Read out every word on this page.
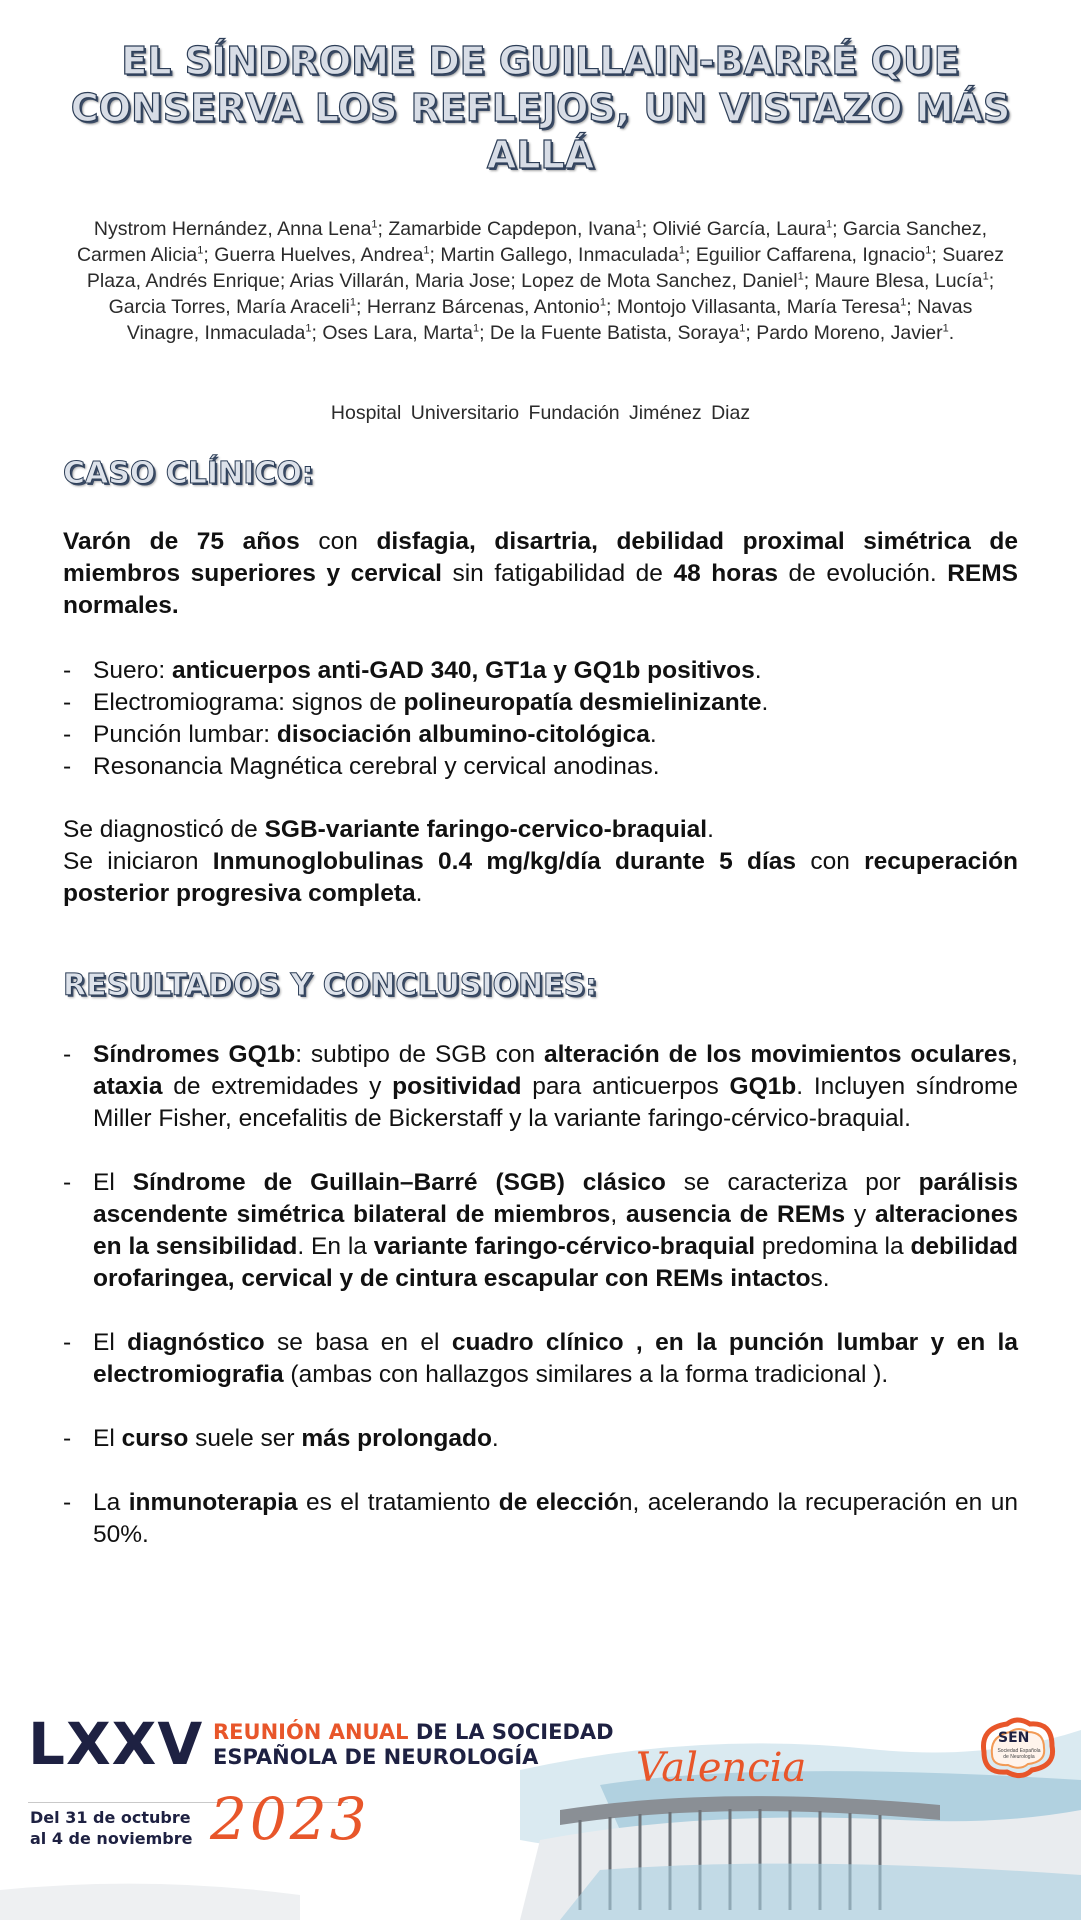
EL SÍNDROME DE GUILLAIN-BARRÉ QUE CONSERVA LOS REFLEJOS, UN VISTAZO MÁS ALLÁ
Nystrom Hernández, Anna Lena$^1$; Zamarbide Capdepon, Ivana$^1$; Olivié García, Laura$^1$; Garcia Sanchez, Carmen Alicia$^1$; Guerra Huelves, Andrea$^1$; Martin Gallego, Inmaculada$^1$; Eguilior Caffarena, Ignacio$^1$; Suarez Plaza, Andrés Enrique; Arias Villarán, Maria Jose; Lopez de Mota Sanchez, Daniel$^1$; Maure Blesa, Lucía$^1$; Garcia Torres, María Araceli$^1$; Herranz Bárcenas, Antonio$^1$; Montojo Villasanta, María Teresa$^1$; Navas Vinagre, Inmaculada$^1$; Oses Lara, Marta$^1$; De la Fuente Batista, Soraya$^1$; Pardo Moreno, Javier$^1$.
Hospital Universitario Fundación Jiménez Diaz
CASO CLÍNICO:
Varón de 75 años con disfagia, disartria, debilidad proximal simétrica de miembros superiores y cervical sin fatigabilidad de 48 horas de evolución. REMS normales.
- Suero: anticuerpos anti-GAD 340, GT1a y GQ1b positivos.
- Electromiograma: signos de polineuropatía desmielinizante.
- Punción lumbar: disociación albumino-citológica.
- Resonancia Magnética cerebral y cervical anodinas.
Se diagnosticó de SGB-variante faringo-cervico-braquial.
Se iniciaron Inmunoglobulinas 0.4 mg/kg/día durante 5 días con recuperación posterior progresiva completa.
RESULTADOS Y CONCLUSIONES:
- Síndromes GQ1b: subtipo de SGB con alteración de los movimientos oculares, ataxia de extremidades y positividad para anticuerpos GQ1b. Incluyen síndrome Miller Fisher, encefalitis de Bickerstaff y la variante faringo-cérvico-braquial.
- El Síndrome de Guillain–Barré (SGB) clásico se caracteriza por parálisis ascendente simétrica bilateral de miembros, ausencia de REMs y alteraciones en la sensibilidad. En la variante faringo-cérvico-braquial predomina la debilidad orofaringea, cervical y de cintura escapular con REMs intactos.
- El diagnóstico se basa en el cuadro clínico , en la punción lumbar y en la electromiografia (ambas con hallazgos similares a la forma tradicional ).
- El curso suele ser más prolongado.
- La inmunoterapia es el tratamiento de elección, acelerando la recuperación en un 50%.
LXXV REUNIÓN ANUAL DE LA SOCIEDAD
ESPAÑOLA DE NEUROLOGÍA	Valencia
Del 31 de octubre
al 4 de noviembre 2023
SEN
Sociedad Española de Neurología
